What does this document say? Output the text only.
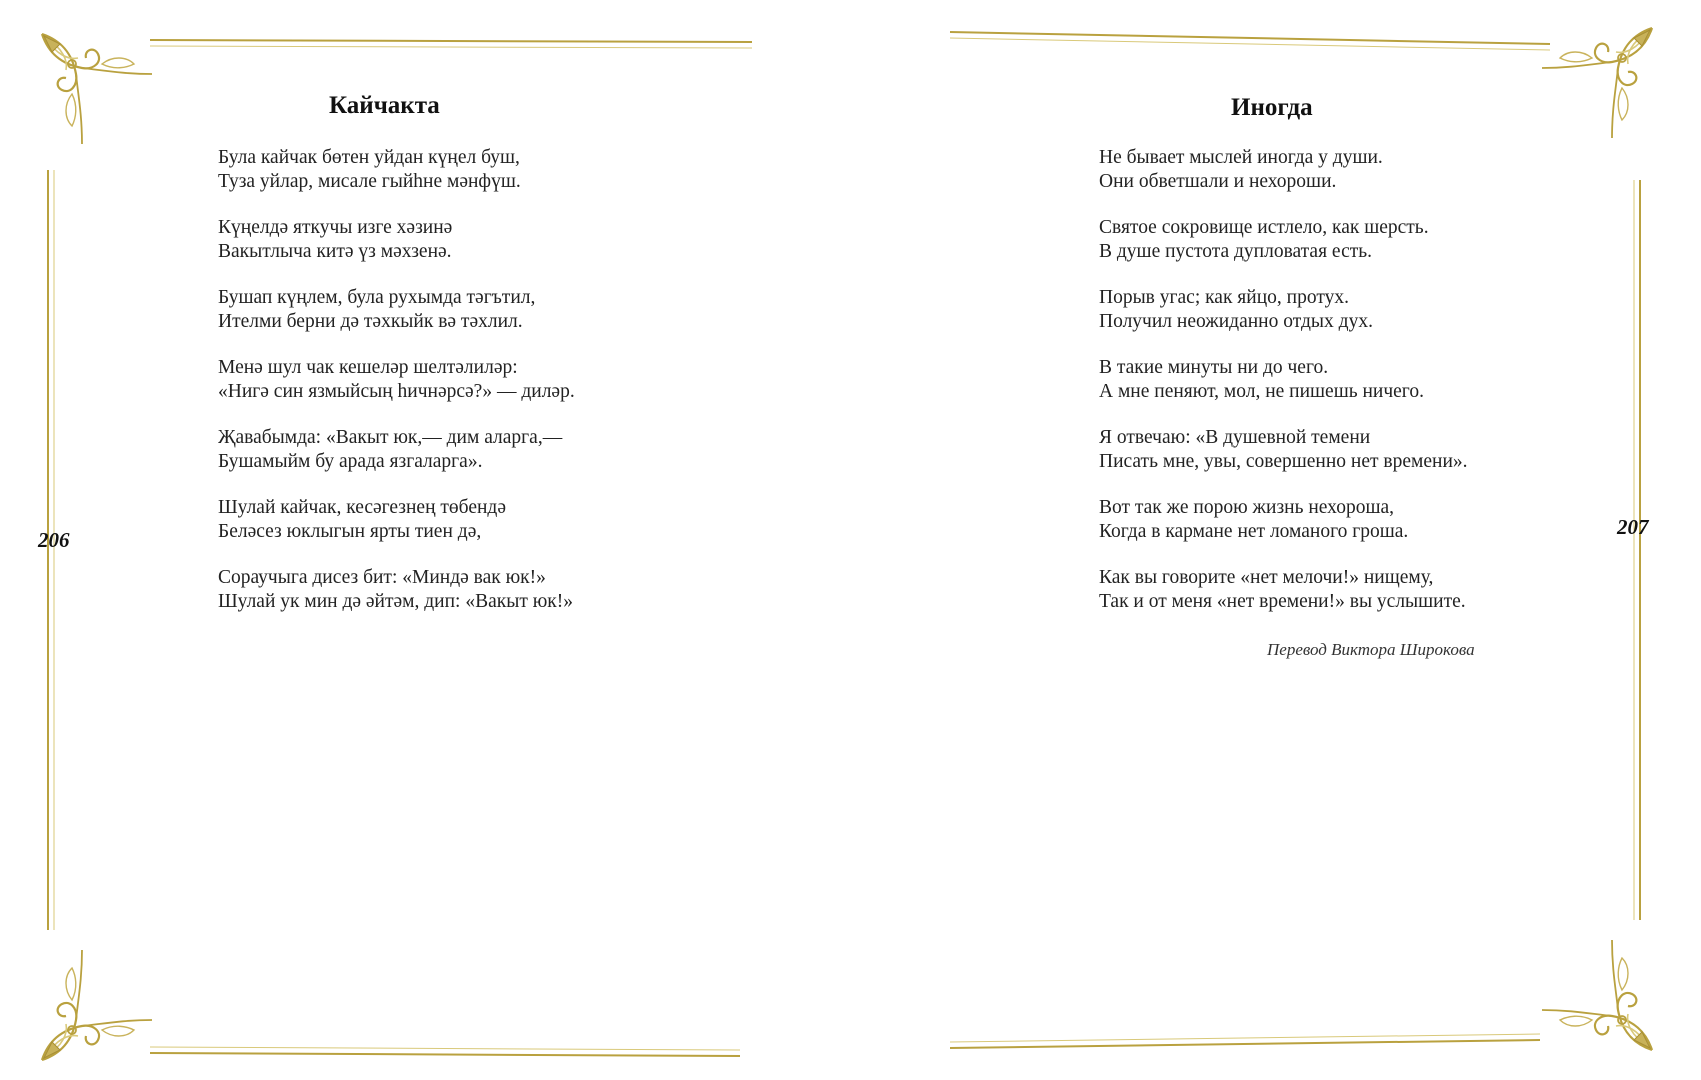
Кайчакта

Була кайчак бөтен уйдан күңел буш,
Туза уйлар, мисале гыйһне мәнфүш.

Күңелдә яткучы изге хәзинә
Вакытлыча китә үз мәхзенә.

Бушап күңлем, була рухымда тәгътил,
Ителми берни дә тәхкыйк вә тәхлил.

Менә шул чак кешеләр шелтәлиләр:
«Нигә син язмыйсың һичнәрсә?» — диләр.

Җавабымда: «Вакыт юк,— дим аларга,—
Бушамыйм бу арада язгаларга».

Шулай кайчак, кесәгезнең төбендә
Беләсез юклыгын ярты тиен дә,

Сораучыга дисез бит: «Миндә вак юк!»
Шулай ук мин дә әйтәм, дип: «Вакыт юк!»

206
Иногда

Не бывает мыслей иногда у души.
Они обветшали и нехороши.

Святое сокровище истлело, как шерсть.
В душе пустота дупловатая есть.

Порыв угас; как яйцо, протух.
Получил неожиданно отдых дух.

В такие минуты ни до чего.
А мне пеняют, мол, не пишешь ничего.

Я отвечаю: «В душевной темени
Писать мне, увы, совершенно нет времени».

Вот так же порою жизнь нехороша,
Когда в кармане нет ломаного гроша.

Как вы говорите «нет мелочи!» нищему,
Так и от меня «нет времени!» вы услышите.

Перевод Виктора Широкова
207
